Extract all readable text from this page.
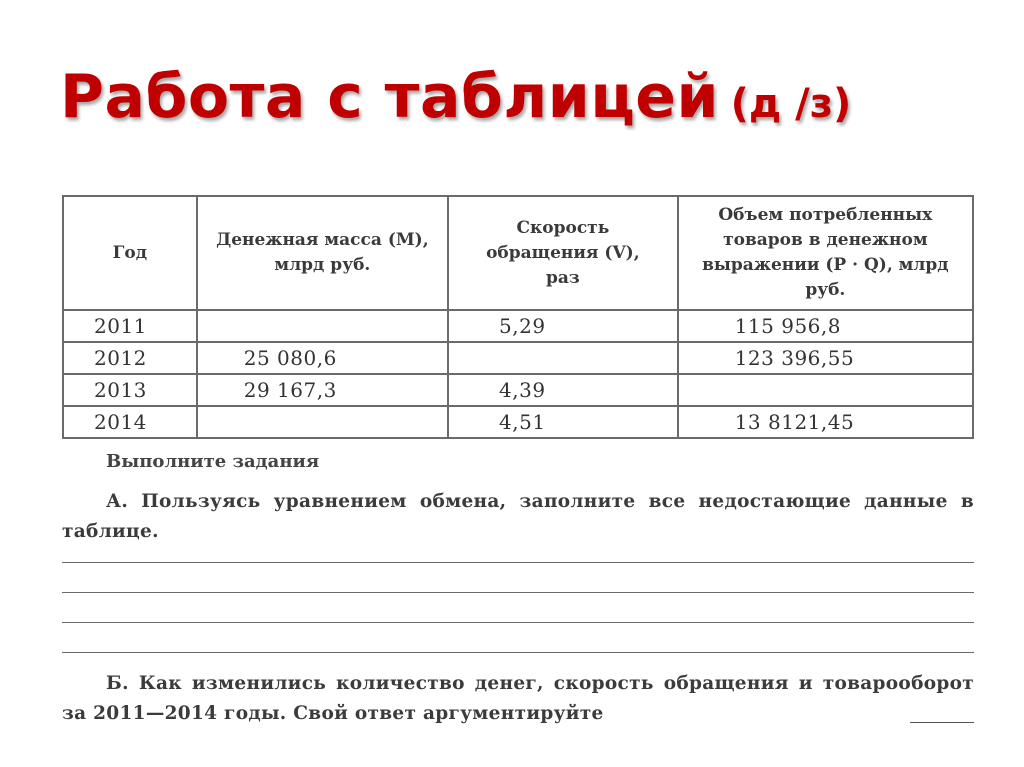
Работа с таблицей (д /з)
Год	Денежная масса (M), млрд руб.	Скорость обращения (V), раз	Объем потребленных товаров в денежном выражении (P · Q), млрд руб.
2011		5,29	115 956,8
2012	25 080,6		123 396,55
2013	29 167,3	4,39	
2014		4,51	13 8121,45
Выполните задания
А. Пользуясь уравнением обмена, заполните все недостающие данные в таблице.
Б. Как изменились количество денег, скорость обращения и товарооборот за 2011—2014 годы. Свой ответ аргументируйте
